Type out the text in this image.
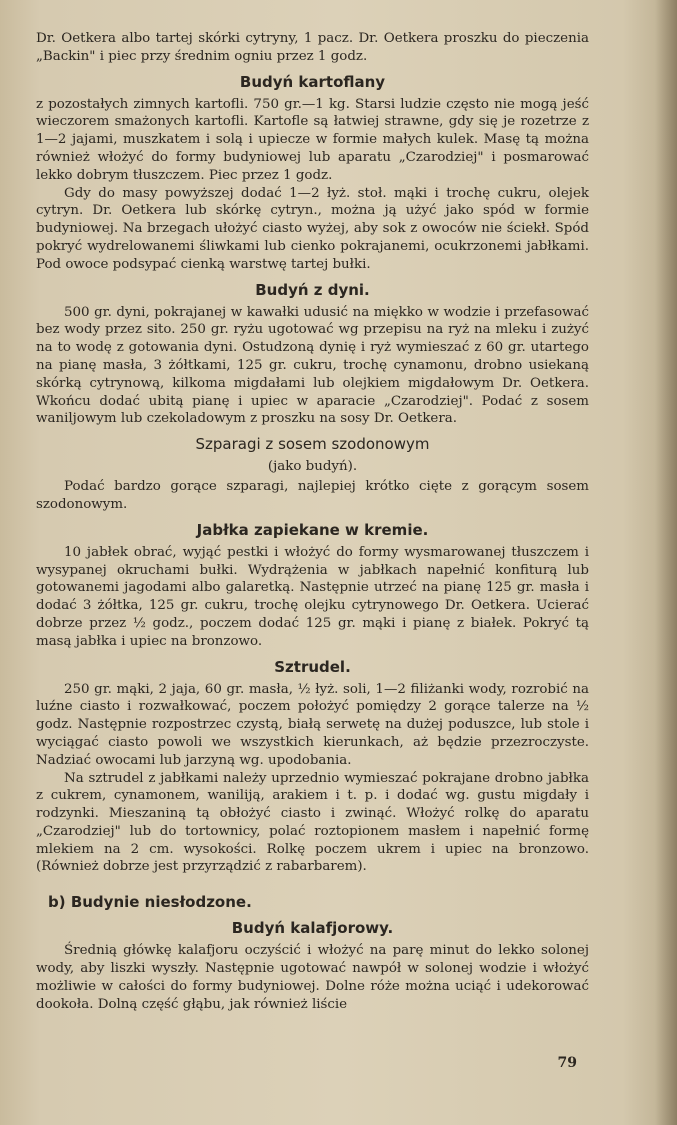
Dr. Oetkera albo tartej skórki cytryny, 1 pacz. Dr. Oetkera proszku do pieczenia „Backin" i piec przy średnim ogniu przez 1 godz.

Budyń kartoflany

z pozostałych zimnych kartofli. 750 gr.—1 kg. Starsi ludzie często nie mogą jeść wieczorem smażonych kartofli. Kartofle są łatwiej strawne, gdy się je rozetrze z 1—2 jajami, muszkatem i solą i upiecze w formie małych kulek. Masę tą można również włożyć do formy budyniowej lub aparatu „Czarodziej" i posmarować lekko dobrym tłuszczem. Piec przez 1 godz.

Gdy do masy powyższej dodać 1—2 łyż. stoł. mąki i trochę cukru, olejek cytryn. Dr. Oetkera lub skórkę cytryn., można ją użyć jako spód w formie budyniowej. Na brzegach ułożyć ciasto wyżej, aby sok z owoców nie ściekł. Spód pokryć wydrelowanemi śliwkami lub cienko pokrajanemi, ocukrzonemi jabłkami. Pod owoce podsypać cienką warstwę tartej bułki.

Budyń z dyni.

500 gr. dyni, pokrajanej w kawałki udusić na miękko w wodzie i przefasować bez wody przez sito. 250 gr. ryżu ugotować wg przepisu na ryż na mleku i zużyć na to wodę z gotowania dyni. Ostudzoną dynię i ryż wymieszać z 60 gr. utartego na pianę masła, 3 żółtkami, 125 gr. cukru, trochę cynamonu, drobno usiekaną skórką cytrynową, kilkoma migdałami lub olejkiem migdałowym Dr. Oetkera. Wkońcu dodać ubitą pianę i upiec w aparacie „Czarodziej". Podać z sosem waniljowym lub czekoladowym z proszku na sosy Dr. Oetkera.

Szparagi z sosem szodonowym
(jako budyń).

Podać bardzo gorące szparagi, najlepiej krótko cięte z gorącym sosem szodonowym.

Jabłka zapiekane w kremie.

10 jabłek obrać, wyjąć pestki i włożyć do formy wysmarowanej tłuszczem i wysypanej okruchami bułki. Wydrążenia w jabłkach napełnić konfiturą lub gotowanemi jagodami albo galaretką. Następnie utrzeć na pianę 125 gr. masła i dodać 3 żółtka, 125 gr. cukru, trochę olejku cytrynowego Dr. Oetkera. Ucierać dobrze przez ½ godz., poczem dodać 125 gr. mąki i pianę z białek. Pokryć tą masą jabłka i upiec na bronzowo.

Sztrudel.

250 gr. mąki, 2 jaja, 60 gr. masła, ½ łyż. soli, 1—2 filiżanki wody, rozrobić na luźne ciasto i rozwałkować, poczem położyć pomiędzy 2 gorące talerze na ½ godz. Następnie rozpostrzec czystą, białą serwetę na dużej poduszce, lub stole i wyciągać ciasto powoli we wszystkich kierunkach, aż będzie przezroczyste. Nadziać owocami lub jarzyną wg. upodobania.

Na sztrudel z jabłkami należy uprzednio wymieszać pokrajane drobno jabłka z cukrem, cynamonem, waniliją, arakiem i t. p. i dodać wg. gustu migdały i rodzynki. Mieszaniną tą obłożyć ciasto i zwinąć. Włożyć rolkę do aparatu „Czarodziej" lub do tortownicy, polać roztopionem masłem i napełnić formę mlekiem na 2 cm. wysokości. Rolkę poczem ukrem i upiec na bronzowo. (Również dobrze jest przyrządzić z rabarbarem).

b) Budynie niesłodzone.
Budyń kalafjorowy.

Średnią główkę kalafjoru oczyścić i włożyć na parę minut do lekko solonej wody, aby liszki wyszły. Następnie ugotować nawpół w solonej wodzie i włożyć możliwie w całości do formy budyniowej. Dolne róże można uciąć i udekorować dookoła. Dolną część głąbu, jak również liście

79
